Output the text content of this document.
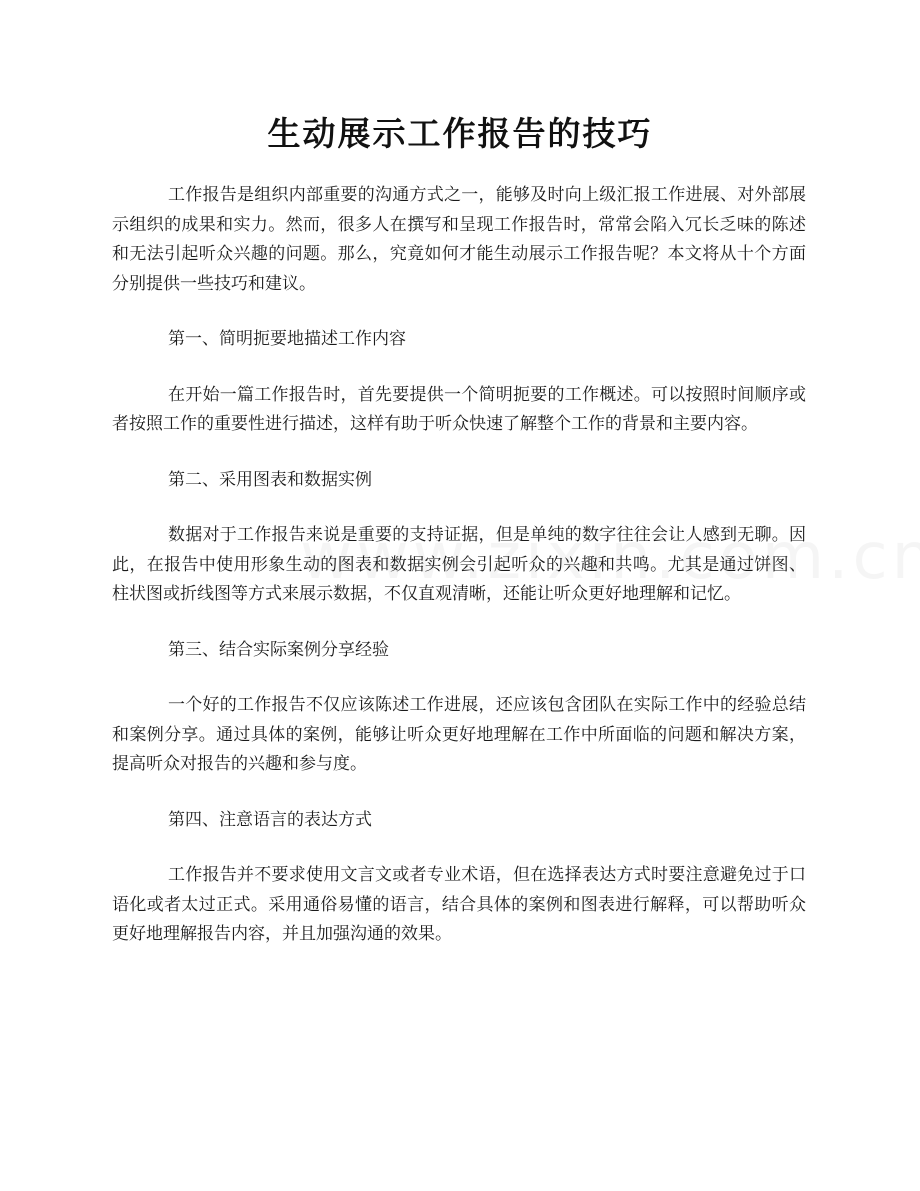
生动展示工作报告的技巧

工作报告是组织内部重要的沟通方式之一，能够及时向上级汇报工作进展、对外部展示组织的成果和实力。然而，很多人在撰写和呈现工作报告时，常常会陷入冗长乏味的陈述和无法引起听众兴趣的问题。那么，究竟如何才能生动展示工作报告呢？本文将从十个方面分别提供一些技巧和建议。

第一、简明扼要地描述工作内容

在开始一篇工作报告时，首先要提供一个简明扼要的工作概述。可以按照时间顺序或者按照工作的重要性进行描述，这样有助于听众快速了解整个工作的背景和主要内容。

第二、采用图表和数据实例

数据对于工作报告来说是重要的支持证据，但是单纯的数字往往会让人感到无聊。因此，在报告中使用形象生动的图表和数据实例会引起听众的兴趣和共鸣。尤其是通过饼图、柱状图或折线图等方式来展示数据，不仅直观清晰，还能让听众更好地理解和记忆。

第三、结合实际案例分享经验

一个好的工作报告不仅应该陈述工作进展，还应该包含团队在实际工作中的经验总结和案例分享。通过具体的案例，能够让听众更好地理解在工作中所面临的问题和解决方案，提高听众对报告的兴趣和参与度。

第四、注意语言的表达方式

工作报告并不要求使用文言文或者专业术语，但在选择表达方式时要注意避免过于口语化或者太过正式。采用通俗易懂的语言，结合具体的案例和图表进行解释，可以帮助听众更好地理解报告内容，并且加强沟通的效果。
